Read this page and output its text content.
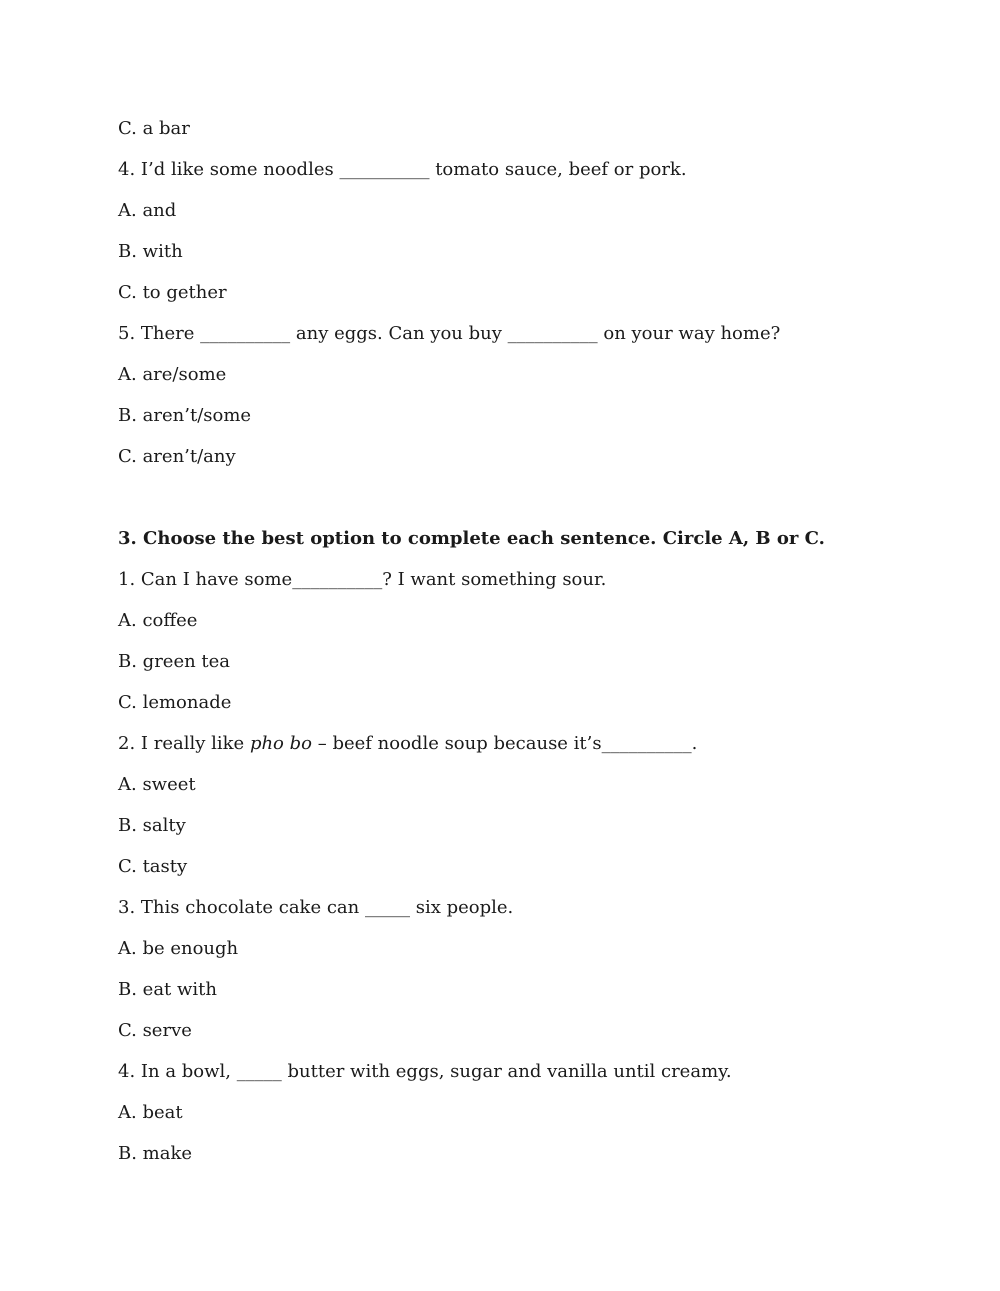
C. a bar
4. I’d like some noodles __________ tomato sauce, beef or pork.
A. and
B. with
C. to gether
5. There __________ any eggs. Can you buy __________ on your way home?
A. are/some
B. aren’t/some
C. aren’t/any
3. Choose the best option to complete each sentence. Circle A, B or C.
1. Can I have some__________? I want something sour.
A. coffee
B. green tea
C. lemonade
2. I really like pho bo – beef noodle soup because it’s__________.
A. sweet
B. salty
C. tasty
3. This chocolate cake can _____ six people.
A. be enough
B. eat with
C. serve
4. In a bowl, _____ butter with eggs, sugar and vanilla until creamy.
A. beat
B. make
